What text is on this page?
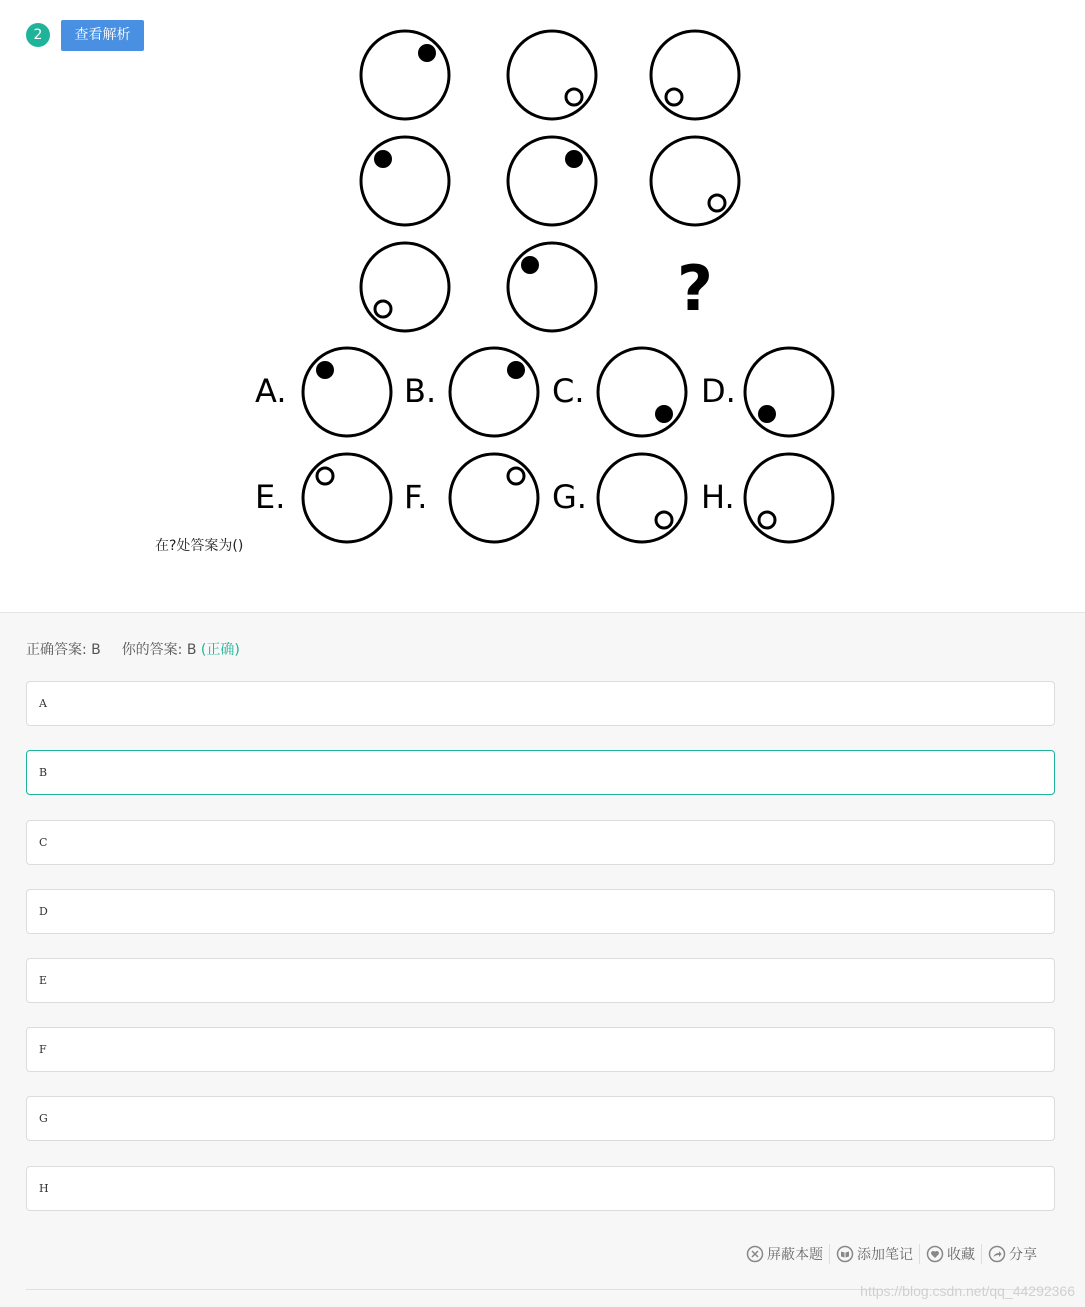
2	查看解析
?
A.	B.	C.	D.
E.	F.	G.	H.
在?处答案为()
正确答案: B 你的答案: B (正确)
A
B
C
D
E
F
G
H
屏蔽本题 添加笔记 收藏 分享
https://blog.csdn.net/qq_44292366
